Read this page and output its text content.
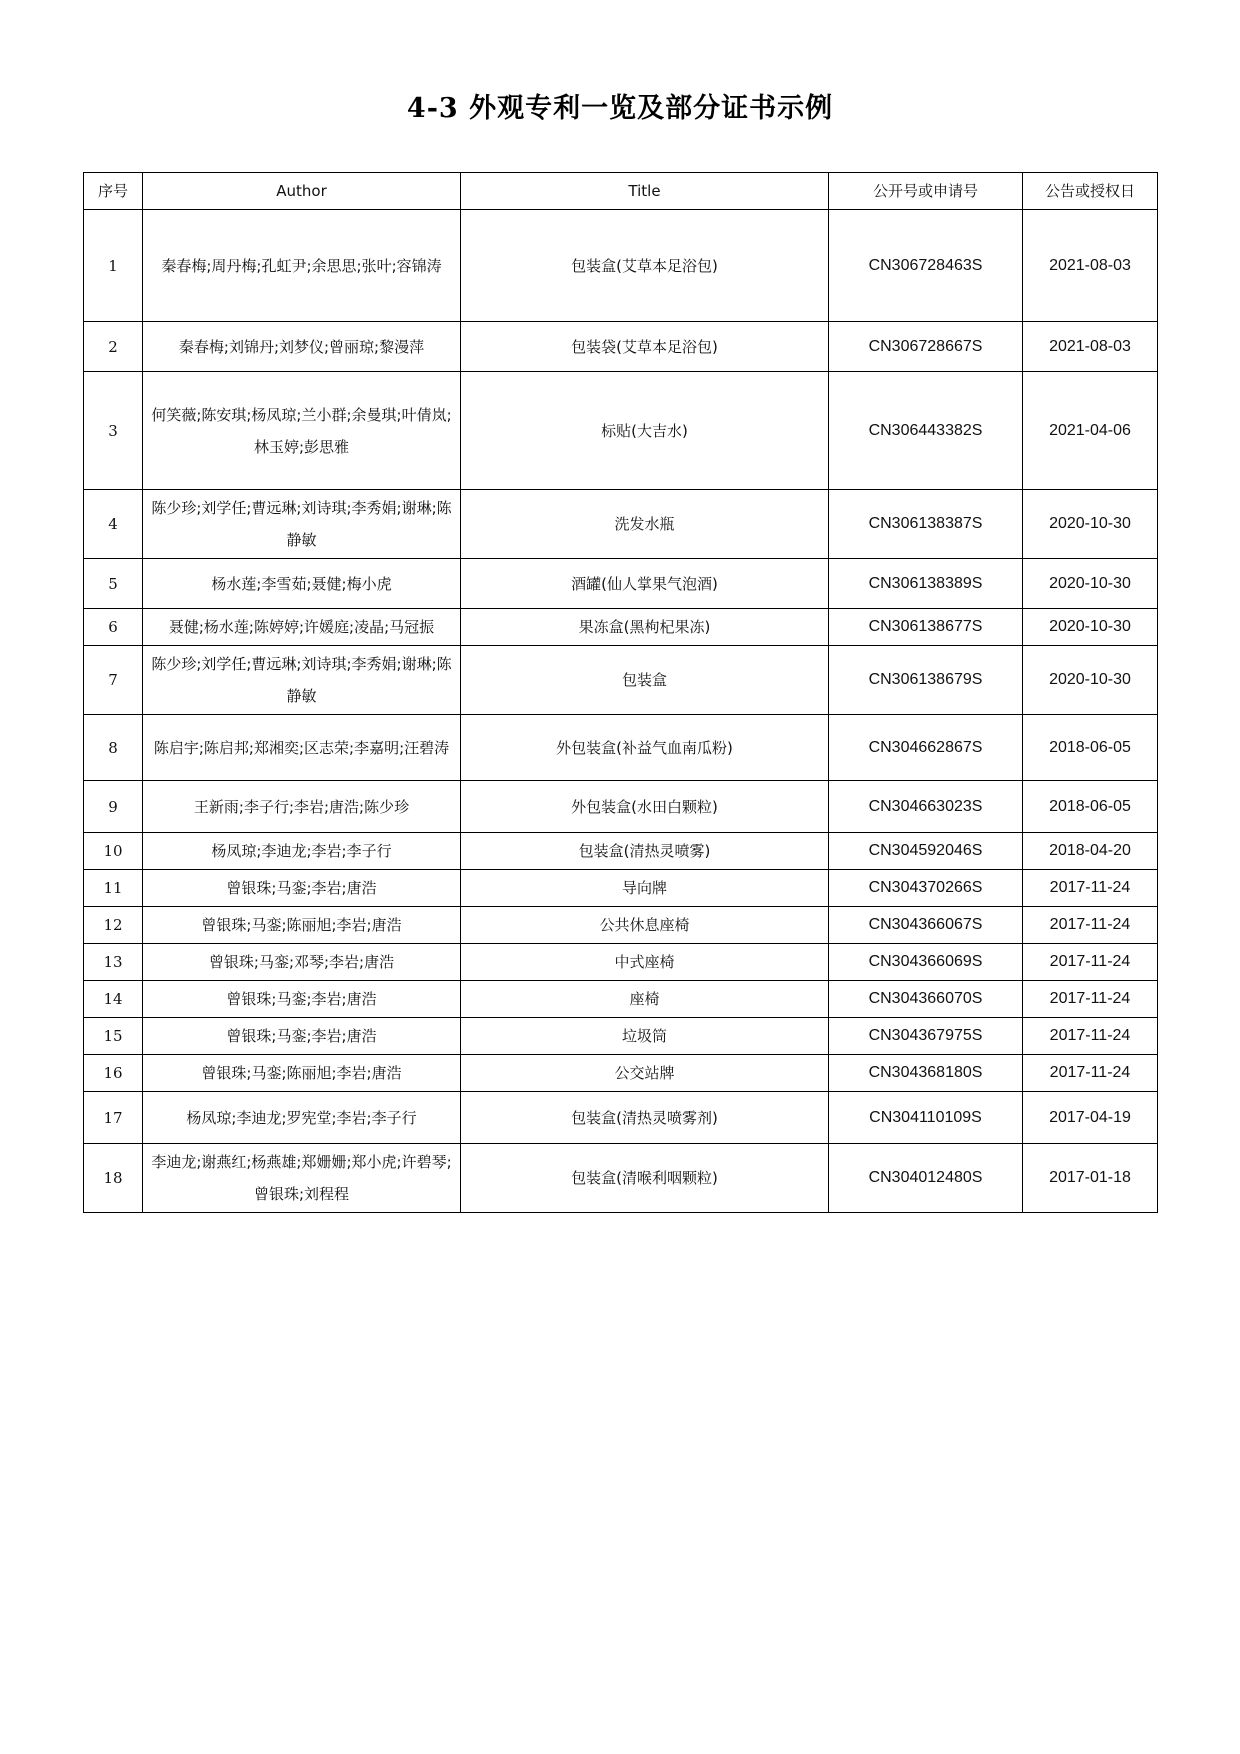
4-3 外观专利一览及部分证书示例
序号	Author	Title	公开号或申请号	公告或授权日
1	秦春梅;周丹梅;孔虹尹;余思思;张叶;容锦涛	包装盒(艾草本足浴包)	CN306728463S	2021-08-03
2	秦春梅;刘锦丹;刘梦仪;曾丽琼;黎漫萍	包装袋(艾草本足浴包)	CN306728667S	2021-08-03
3	何笑薇;陈安琪;杨凤琼;兰小群;余曼琪;叶倩岚;林玉婷;彭思雅	标贴(大吉水)	CN306443382S	2021-04-06
4	陈少珍;刘学任;曹远琳;刘诗琪;李秀娟;谢琳;陈静敏	洗发水瓶	CN306138387S	2020-10-30
5	杨水莲;李雪茹;聂健;梅小虎	酒罐(仙人掌果气泡酒)	CN306138389S	2020-10-30
6	聂健;杨水莲;陈婷婷;许媛庭;凌晶;马冠振	果冻盒(黑枸杞果冻)	CN306138677S	2020-10-30
7	陈少珍;刘学任;曹远琳;刘诗琪;李秀娟;谢琳;陈静敏	包装盒	CN306138679S	2020-10-30
8	陈启宇;陈启邦;郑湘奕;区志荣;李嘉明;汪碧涛	外包装盒(补益气血南瓜粉)	CN304662867S	2018-06-05
9	王新雨;李子行;李岩;唐浩;陈少珍	外包装盒(水田白颗粒)	CN304663023S	2018-06-05
10	杨凤琼;李迪龙;李岩;李子行	包装盒(清热灵喷雾)	CN304592046S	2018-04-20
11	曾银珠;马銮;李岩;唐浩	导向牌	CN304370266S	2017-11-24
12	曾银珠;马銮;陈丽旭;李岩;唐浩	公共休息座椅	CN304366067S	2017-11-24
13	曾银珠;马銮;邓琴;李岩;唐浩	中式座椅	CN304366069S	2017-11-24
14	曾银珠;马銮;李岩;唐浩	座椅	CN304366070S	2017-11-24
15	曾银珠;马銮;李岩;唐浩	垃圾筒	CN304367975S	2017-11-24
16	曾银珠;马銮;陈丽旭;李岩;唐浩	公交站牌	CN304368180S	2017-11-24
17	杨凤琼;李迪龙;罗宪堂;李岩;李子行	包装盒(清热灵喷雾剂)	CN304110109S	2017-04-19
18	李迪龙;谢燕红;杨燕雄;郑姗姗;郑小虎;许碧琴;曾银珠;刘程程	包装盒(清喉利咽颗粒)	CN304012480S	2017-01-18
